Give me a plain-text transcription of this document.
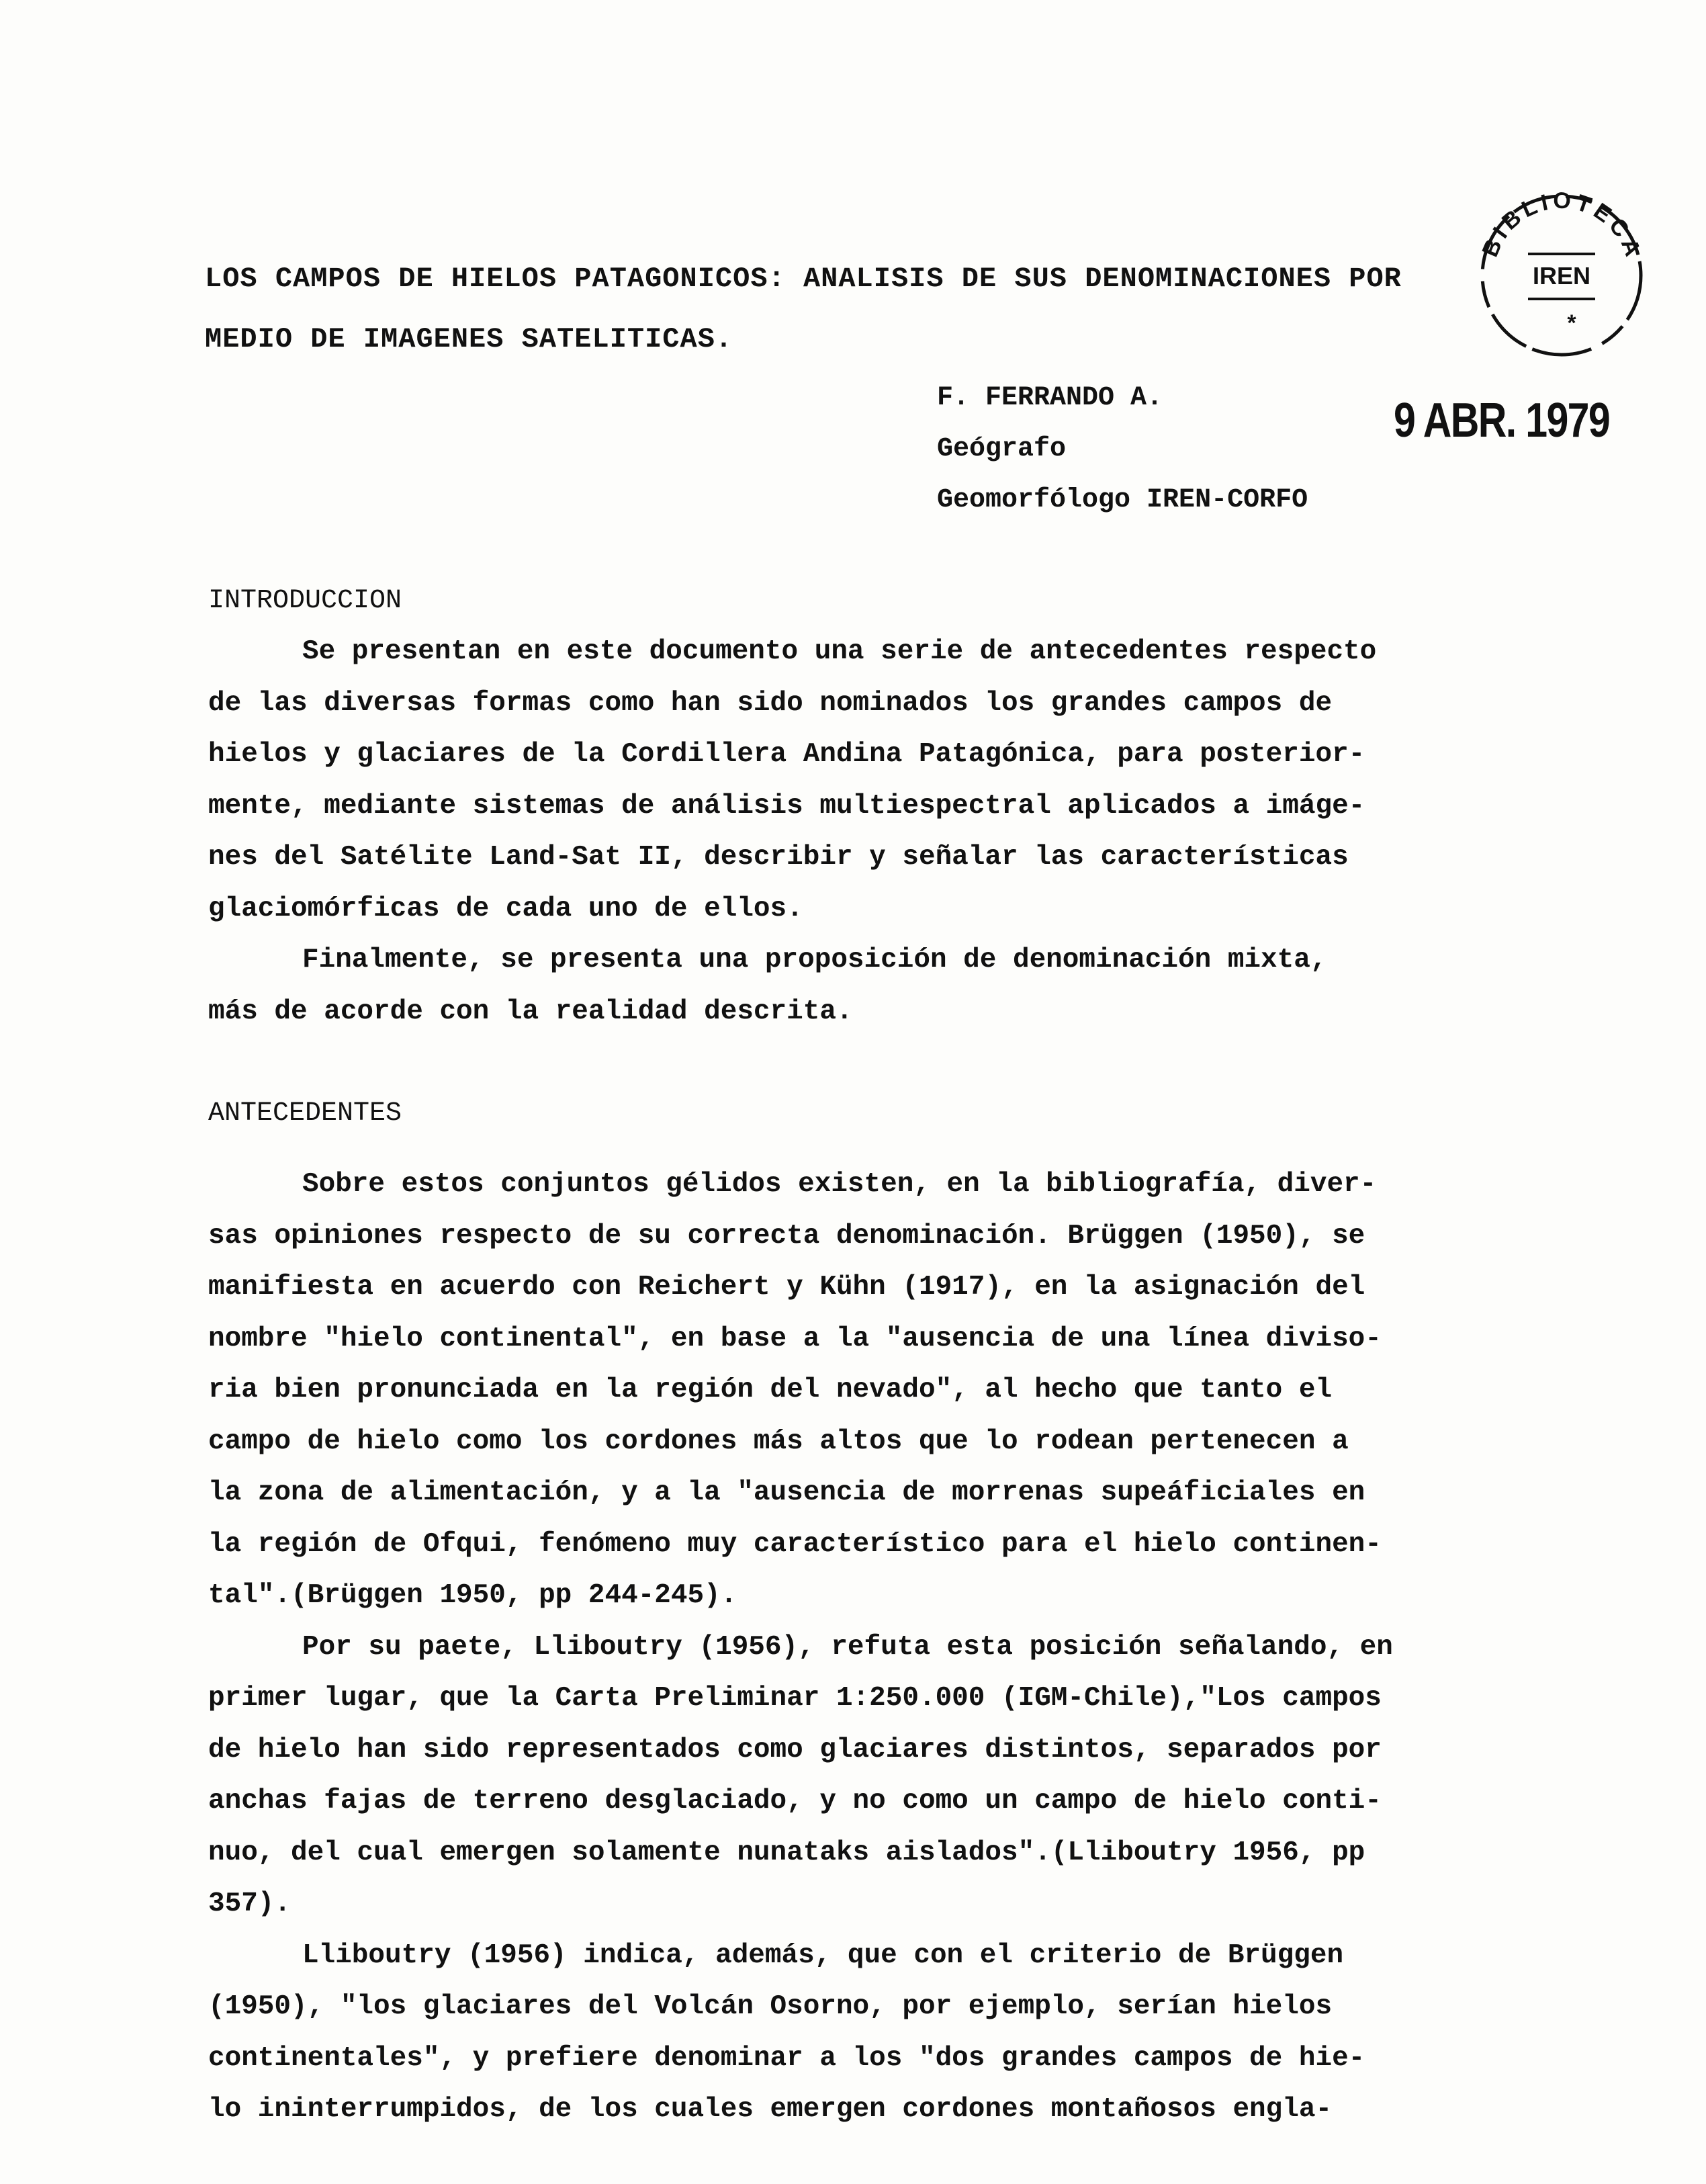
BIBLIOTECA
IREN
*
LOS CAMPOS DE HIELOS PATAGONICOS: ANALISIS DE SUS DENOMINACIONES POR
MEDIO DE IMAGENES SATELITICAS.
F. FERRANDO A.
Geógrafo
Geomorfólogo IREN-CORFO
9 ABR. 1979
INTRODUCCION
Se presentan en este documento una serie de antecedentes respecto
de las diversas formas como han sido nominados los grandes campos de
hielos y glaciares de la Cordillera Andina Patagónica, para posterior-
mente, mediante sistemas de análisis multiespectral aplicados a imáge-
nes del Satélite Land-Sat II, describir y señalar las características
glaciomórficas de cada uno de ellos.
Finalmente, se presenta una proposición de denominación mixta,
más de acorde con la realidad descrita.
ANTECEDENTES
Sobre estos conjuntos gélidos existen, en la bibliografía, diver-
sas opiniones respecto de su correcta denominación. Brüggen (1950), se
manifiesta en acuerdo con Reichert y Kühn (1917), en la asignación del
nombre "hielo continental", en base a la "ausencia de una línea diviso-
ria bien pronunciada en la región del nevado", al hecho que tanto el
campo de hielo como los cordones más altos que lo rodean pertenecen a
la zona de alimentación, y a la "ausencia de morrenas supeáficiales en
la región de Ofqui, fenómeno muy característico para el hielo continen-
tal".(Brüggen 1950, pp 244-245).
Por su paete, Lliboutry (1956), refuta esta posición señalando, en
primer lugar, que la Carta Preliminar 1:250.000 (IGM-Chile),"Los campos
de hielo han sido representados como glaciares distintos, separados por
anchas fajas de terreno desglaciado, y no como un campo de hielo conti-
nuo, del cual emergen solamente nunataks aislados".(Lliboutry 1956, pp
357).
Lliboutry (1956) indica, además, que con el criterio de Brüggen
(1950), "los glaciares del Volcán Osorno, por ejemplo, serían hielos
continentales", y prefiere denominar a los "dos grandes campos de hie-
lo ininterrumpidos, de los cuales emergen cordones montañosos engla-
